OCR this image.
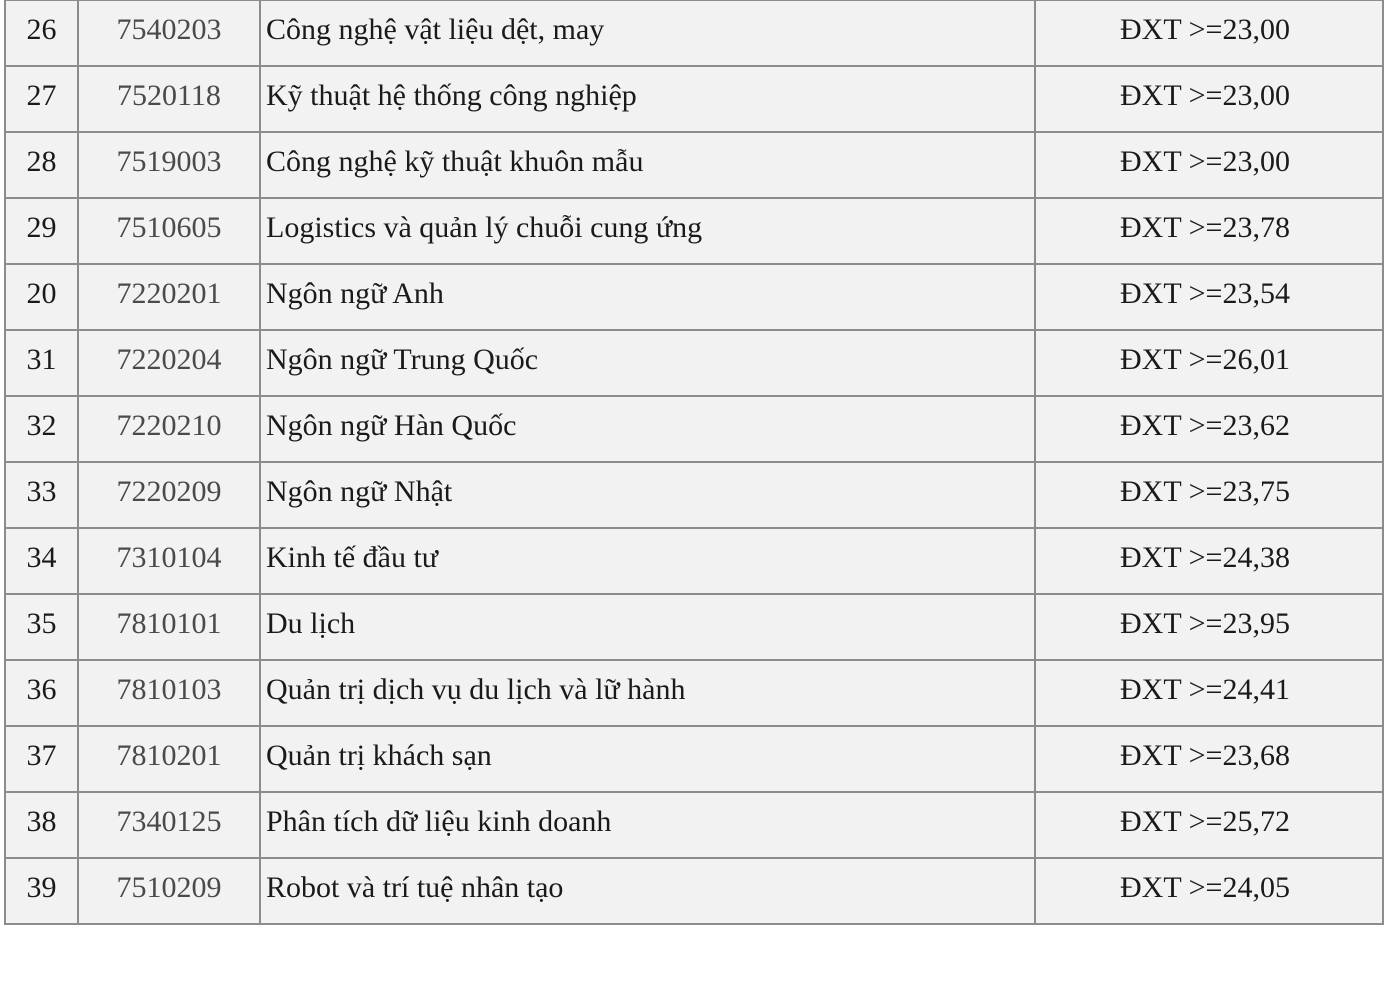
26	7540203	Công nghệ vật liệu dệt, may	ĐXT >=23,00

27	7520118	Kỹ thuật hệ thống công nghiệp	ĐXT >=23,00

28	7519003	Công nghệ kỹ thuật khuôn mẫu	ĐXT >=23,00

29	7510605	Logistics và quản lý chuỗi cung ứng	ĐXT >=23,78

20	7220201	Ngôn ngữ Anh	ĐXT >=23,54

31	7220204	Ngôn ngữ Trung Quốc	ĐXT >=26,01

32	7220210	Ngôn ngữ Hàn Quốc	ĐXT >=23,62

33	7220209	Ngôn ngữ Nhật	ĐXT >=23,75

34	7310104	Kinh tế đầu tư	ĐXT >=24,38

35	7810101	Du lịch	ĐXT >=23,95

36	7810103	Quản trị dịch vụ du lịch và lữ hành	ĐXT >=24,41

37	7810201	Quản trị khách sạn	ĐXT >=23,68

38	7340125	Phân tích dữ liệu kinh doanh	ĐXT >=25,72

39	7510209	Robot và trí tuệ nhân tạo	ĐXT >=24,05
